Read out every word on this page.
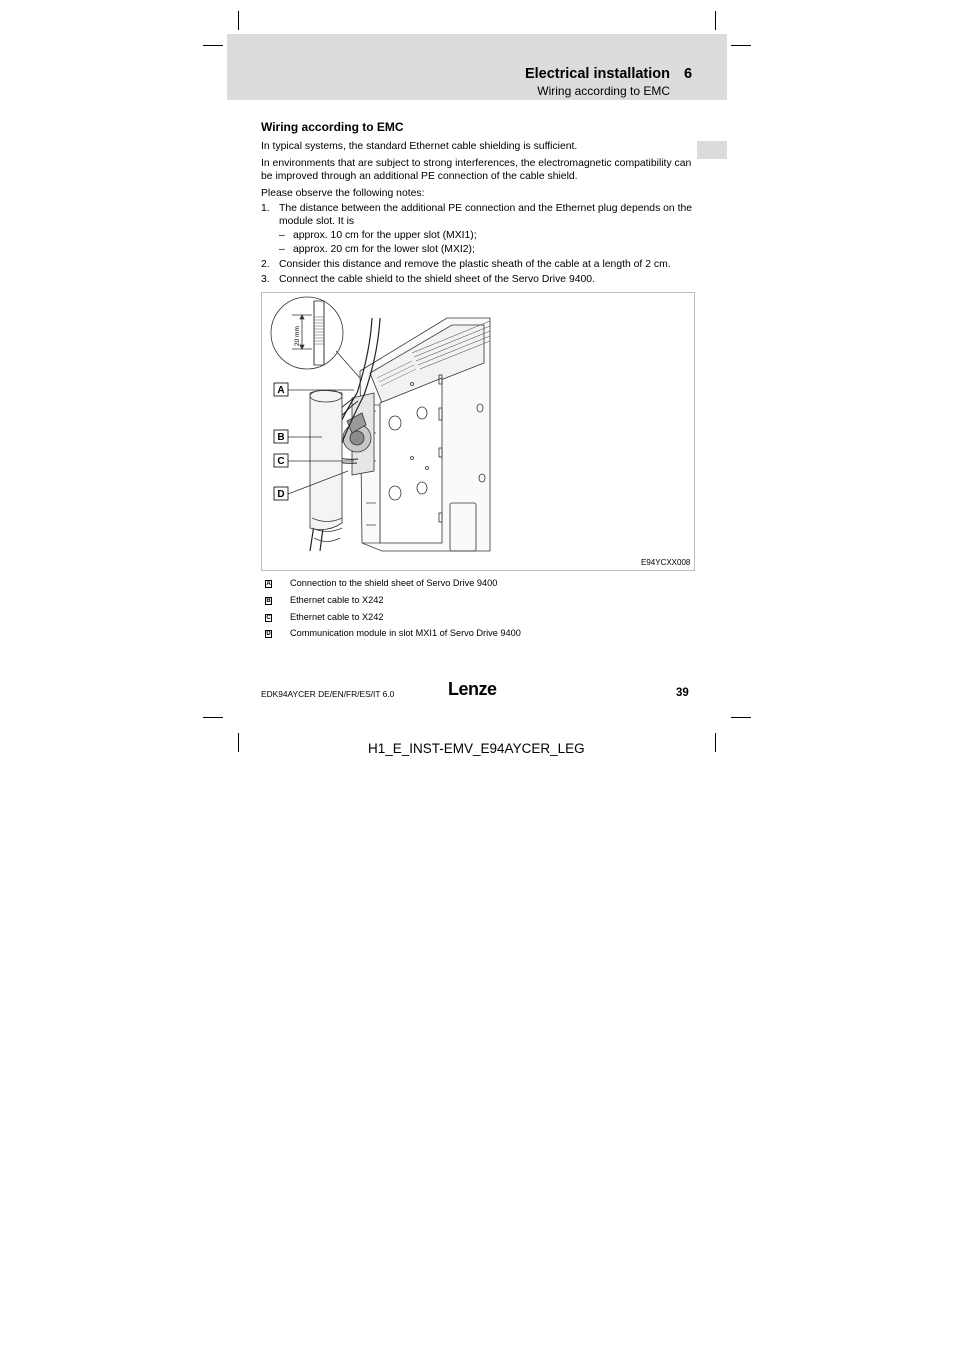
Electrical installation 6
Wiring according to EMC
Wiring according to EMC
In typical systems, the standard Ethernet cable shielding is sufficient.
In environments that are subject to strong interferences, the electromagnetic compatibility can be improved through an additional PE connection of the cable shield.
Please observe the following notes:
1. The distance between the additional PE connection and the Ethernet plug depends on the module slot. It is
– approx. 10 cm for the upper slot (MXI1);
– approx. 20 cm for the lower slot (MXI2);
2. Consider this distance and remove the plastic sheath of the cable at a length of 2 cm.
3. Connect the cable shield to the shield sheet of the Servo Drive 9400.
A
B
C
D
20 mm
E94YCXX008
A Connection to the shield sheet of Servo Drive 9400
B Ethernet cable to X242
C Ethernet cable to X242
D Communication module in slot MXI1 of Servo Drive 9400
EDK94AYCER DE/EN/FR/ES/IT 6.0	Lenze	39
H1_E_INST-EMV_E94AYCER_LEG
